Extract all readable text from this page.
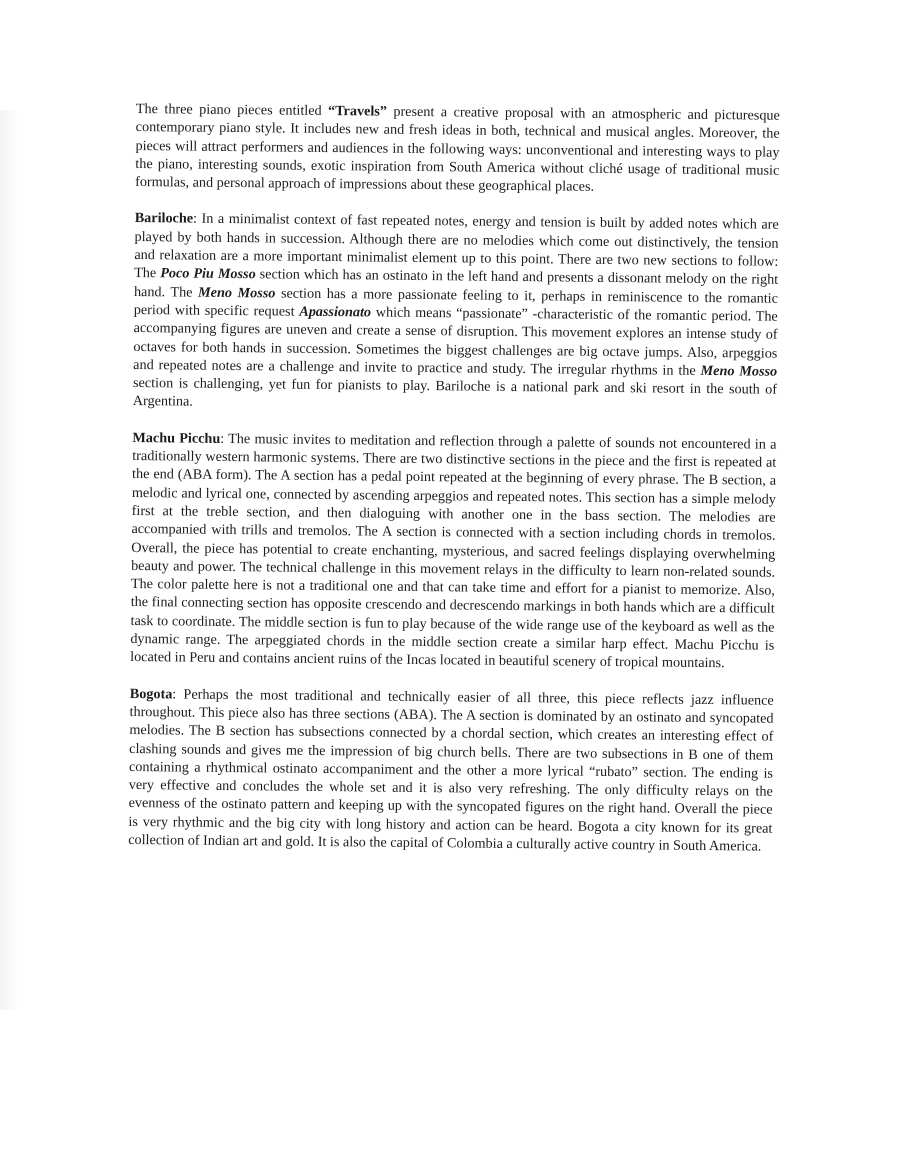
The three piano pieces entitled “Travels” present a creative proposal with an atmospheric and picturesque contemporary piano style. It includes new and fresh ideas in both, technical and musical angles. Moreover, the pieces will attract performers and audiences in the following ways: unconventional and interesting ways to play the piano, interesting sounds, exotic inspiration from South America without cliché usage of traditional music formulas, and personal approach of impressions about these geographical places.

Bariloche: In a minimalist context of fast repeated notes, energy and tension is built by added notes which are played by both hands in succession. Although there are no melodies which come out distinctively, the tension and relaxation are a more important minimalist element up to this point. There are two new sections to follow: The Poco Piu Mosso section which has an ostinato in the left hand and presents a dissonant melody on the right hand. The Meno Mosso section has a more passionate feeling to it, perhaps in reminiscence to the romantic period with specific request Apassionato which means “passionate” -characteristic of the romantic period. The accompanying figures are uneven and create a sense of disruption. This movement explores an intense study of octaves for both hands in succession. Sometimes the biggest challenges are big octave jumps. Also, arpeggios and repeated notes are a challenge and invite to practice and study. The irregular rhythms in the Meno Mosso section is challenging, yet fun for pianists to play. Bariloche is a national park and ski resort in the south of Argentina.

Machu Picchu: The music invites to meditation and reflection through a palette of sounds not encountered in a traditionally western harmonic systems. There are two distinctive sections in the piece and the first is repeated at the end (ABA form). The A section has a pedal point repeated at the beginning of every phrase. The B section, a melodic and lyrical one, connected by ascending arpeggios and repeated notes. This section has a simple melody first at the treble section, and then dialoguing with another one in the bass section. The melodies are accompanied with trills and tremolos. The A section is connected with a section including chords in tremolos. Overall, the piece has potential to create enchanting, mysterious, and sacred feelings displaying overwhelming beauty and power. The technical challenge in this movement relays in the difficulty to learn non-related sounds. The color palette here is not a traditional one and that can take time and effort for a pianist to memorize. Also, the final connecting section has opposite crescendo and decrescendo markings in both hands which are a difficult task to coordinate. The middle section is fun to play because of the wide range use of the keyboard as well as the dynamic range. The arpeggiated chords in the middle section create a similar harp effect. Machu Picchu is located in Peru and contains ancient ruins of the Incas located in beautiful scenery of tropical mountains.

Bogota: Perhaps the most traditional and technically easier of all three, this piece reflects jazz influence throughout. This piece also has three sections (ABA). The A section is dominated by an ostinato and syncopated melodies. The B section has subsections connected by a chordal section, which creates an interesting effect of clashing sounds and gives me the impression of big church bells. There are two subsections in B one of them containing a rhythmical ostinato accompaniment and the other a more lyrical “rubato” section. The ending is very effective and concludes the whole set and it is also very refreshing. The only difficulty relays on the evenness of the ostinato pattern and keeping up with the syncopated figures on the right hand. Overall the piece is very rhythmic and the big city with long history and action can be heard. Bogota a city known for its great collection of Indian art and gold. It is also the capital of Colombia a culturally active country in South America.
